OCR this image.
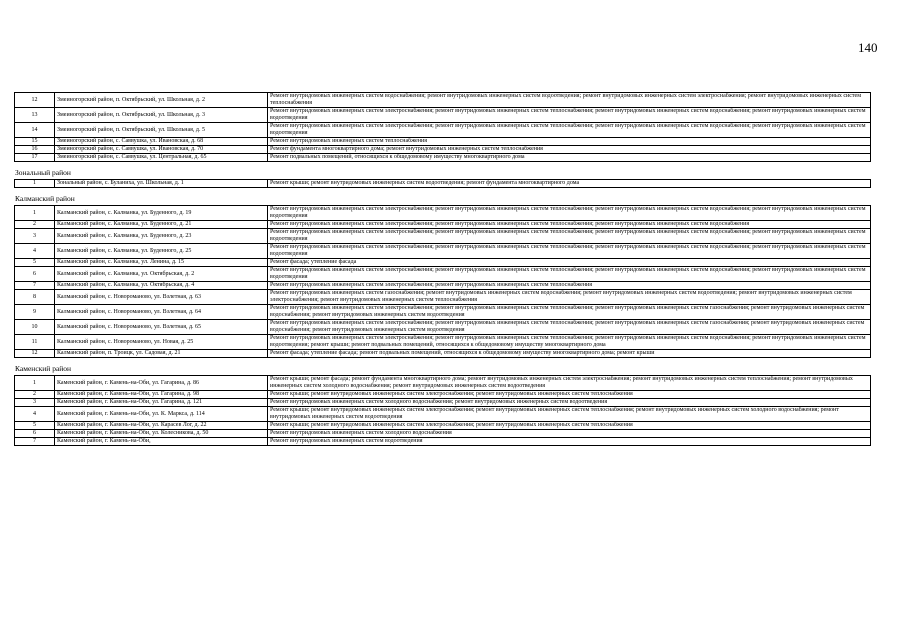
140
12	Змеиногорский район, п. Октябрьский, ул. Школьная, д. 2	Ремонт внутридомовых инженерных систем водоснабжения; ремонт внутридомовых инженерных систем водоотведения; ремонт внутридомовых инженерных систем электроснабжения; ремонт внутридомовых инженерных систем теплоснабжения
13	Змеиногорский район, п. Октябрьский, ул. Школьная, д. 3	Ремонт внутридомовых инженерных систем электроснабжения; ремонт внутридомовых инженерных систем теплоснабжения; ремонт внутридомовых инженерных систем водоснабжения; ремонт внутридомовых инженерных систем водоотведения
14	Змеиногорский район, п. Октябрьский, ул. Школьная, д. 5	Ремонт внутридомовых инженерных систем электроснабжения; ремонт внутридомовых инженерных систем теплоснабжения; ремонт внутридомовых инженерных систем водоснабжения; ремонт внутридомовых инженерных систем водоотведения
15	Змеиногорский район, с. Саввушка, ул. Ивановская, д. 68	Ремонт внутридомовых инженерных систем теплоснабжения
16	Змеиногорский район, с. Саввушка, ул. Ивановская, д. 70	Ремонт фундамента многоквартирного дома; ремонт внутридомовых инженерных систем теплоснабжения
17	Змеиногорский район, с. Саввушка, ул. Центральная, д. 65	Ремонт подвальных помещений, относящихся к общедомовому имуществу многоквартирного дома
Зональный район
1	Зональный район, с. Буланиха, ул. Школьная, д. 1	Ремонт крыши; ремонт внутридомовых инженерных систем водоотведения; ремонт фундамента многоквартирного дома
Калманский район
1	Калманский район, с. Калманка, ул. Буденного, д. 19	Ремонт внутридомовых инженерных систем электроснабжения; ремонт внутридомовых инженерных систем теплоснабжения; ремонт внутридомовых инженерных систем водоснабжения; ремонт внутридомовых инженерных систем водоотведения
2	Калманский район, с. Калманка, ул. Буденного, д. 21	Ремонт внутридомовых инженерных систем электроснабжения; ремонт внутридомовых инженерных систем теплоснабжения; ремонт внутридомовых инженерных систем водоснабжения
3	Калманский район, с. Калманка, ул. Буденного, д. 23	Ремонт внутридомовых инженерных систем электроснабжения; ремонт внутридомовых инженерных систем теплоснабжения; ремонт внутридомовых инженерных систем водоснабжения; ремонт внутридомовых инженерных систем водоотведения
4	Калманский район, с. Калманка, ул. Буденного, д. 25	Ремонт внутридомовых инженерных систем электроснабжения; ремонт внутридомовых инженерных систем теплоснабжения; ремонт внутридомовых инженерных систем водоснабжения; ремонт внутридомовых инженерных систем водоотведения
5	Калманский район, с. Калманка, ул. Ленина, д. 15	Ремонт фасада; утепление фасада
6	Калманский район, с. Калманка, ул. Октябрьская, д. 2	Ремонт внутридомовых инженерных систем электроснабжения; ремонт внутридомовых инженерных систем теплоснабжения; ремонт внутридомовых инженерных систем водоснабжения; ремонт внутридомовых инженерных систем водоотведения
7	Калманский район, с. Калманка, ул. Октябрьская, д. 4	Ремонт внутридомовых инженерных систем электроснабжения; ремонт внутридомовых инженерных систем теплоснабжения
8	Калманский район, с. Новороманово, ул. Взлетная, д. 63	Ремонт внутридомовых инженерных систем газоснабжения; ремонт внутридомовых инженерных систем водоснабжения; ремонт внутридомовых инженерных систем водоотведения; ремонт внутридомовых инженерных систем электроснабжения; ремонт внутридомовых инженерных систем теплоснабжения
9	Калманский район, с. Новороманово, ул. Взлетная, д. 64	Ремонт внутридомовых инженерных систем электроснабжения; ремонт внутридомовых инженерных систем теплоснабжения; ремонт внутридомовых инженерных систем газоснабжения; ремонт внутридомовых инженерных систем водоснабжения; ремонт внутридомовых инженерных систем водоотведения
10	Калманский район, с. Новороманово, ул. Взлетная, д. 65	Ремонт внутридомовых инженерных систем электроснабжения; ремонт внутридомовых инженерных систем теплоснабжения; ремонт внутридомовых инженерных систем газоснабжения; ремонт внутридомовых инженерных систем водоснабжения; ремонт внутридомовых инженерных систем водоотведения
11	Калманский район, с. Новороманово, ул. Новая, д. 25	Ремонт внутридомовых инженерных систем электроснабжения; ремонт внутридомовых инженерных систем теплоснабжения; ремонт внутридомовых инженерных систем водоснабжения; ремонт внутридомовых инженерных систем водоотведения; ремонт крыши; ремонт подвальных помещений, относящихся к общедомовому имуществу многоквартирного дома
12	Калманский район, п. Троицк, ул. Садовая, д. 21	Ремонт фасада; утепление фасада; ремонт подвальных помещений, относящихся к общедомовому имуществу многоквартирного дома; ремонт крыши
Каменский район
1	Каменский район, г. Камень-на-Оби, ул. Гагарина, д. 86	Ремонт крыши; ремонт фасада; ремонт фундамента многоквартирного дома; ремонт внутридомовых инженерных систем электроснабжения; ремонт внутридомовых инженерных систем теплоснабжения; ремонт внутридомовых инженерных систем холодного водоснабжения; ремонт внутридомовых инженерных систем водоотведения
2	Каменский район, г. Камень-на-Оби, ул. Гагарина, д. 98	Ремонт крыши; ремонт внутридомовых инженерных систем электроснабжения; ремонт внутридомовых инженерных систем теплоснабжения
3	Каменский район, г. Камень-на-Оби, ул. Гагарина, д. 121	Ремонт внутридомовых инженерных систем холодного водоснабжения; ремонт внутридомовых инженерных систем водоотведения
4	Каменский район, г. Камень-на-Оби, ул. К. Маркса, д. 114	Ремонт крыши; ремонт внутридомовых инженерных систем электроснабжения; ремонт внутридомовых инженерных систем теплоснабжения; ремонт внутридомовых инженерных систем холодного водоснабжения; ремонт внутридомовых инженерных систем водоотведения
5	Каменский район, г. Камень-на-Оби, ул. Карасев Лог, д. 22	Ремонт крыши; ремонт внутридомовых инженерных систем электроснабжения; ремонт внутридомовых инженерных систем теплоснабжения
6	Каменский район, г. Камень-на-Оби, ул. Колесникова, д. 50	Ремонт внутридомовых инженерных систем холодного водоснабжения
7	Каменский район, г. Камень-на-Оби,	Ремонт внутридомовых инженерных систем водоотведения
